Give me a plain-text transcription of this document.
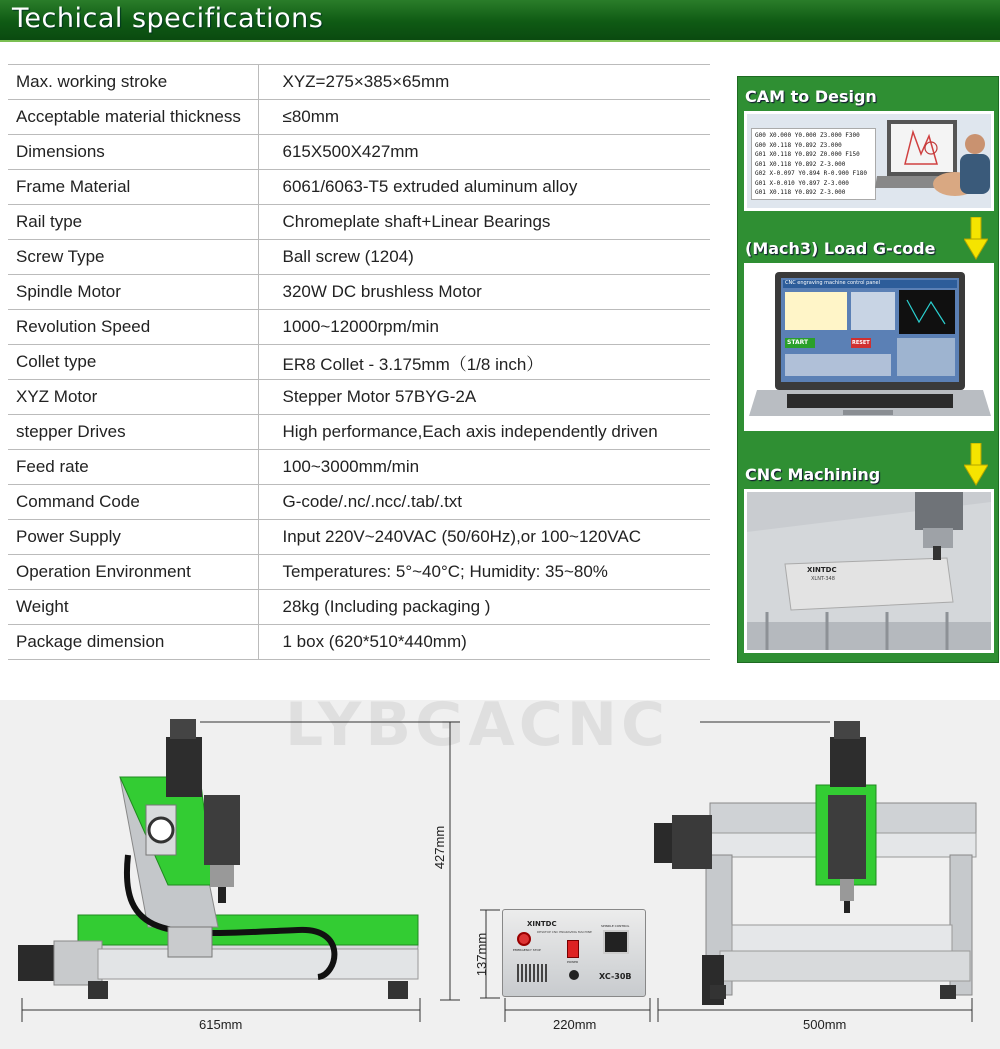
Techical specifications
Max. working stroke	XYZ=275×385×65mm
Acceptable material thickness	≤80mm
Dimensions	615X500X427mm
Frame Material	6061/6063-T5 extruded aluminum alloy
Rail type	Chromeplate shaft+Linear Bearings
Screw Type	Ball screw (1204)
Spindle Motor	320W DC brushless Motor
Revolution Speed	1000~12000rpm/min
Collet type	ER8 Collet - 3.175mm（1/8 inch）
XYZ Motor	Stepper Motor 57BYG-2A
stepper Drives	High performance,Each axis independently driven
Feed rate	100~3000mm/min
Command Code	G-code/.nc/.ncc/.tab/.txt
Power Supply	Input 220V~240VAC (50/60Hz),or 100~120VAC
Operation Environment	Temperatures: 5°~40°C; Humidity: 35~80%
Weight	28kg (Including packaging )
Package dimension	1 box (620*510*440mm)
CAM to Design
G00 X0.000 Y0.000 Z3.000 F300
G00 X0.118 Y0.892 Z3.000
G01 X0.118 Y0.892 Z0.000 F150
G01 X0.118 Y0.892 Z-3.000
G02 X-0.097 Y0.894 R-0.900 F180
G01 X-0.010 Y0.897 Z-3.000
G01 X0.118 Y0.892 Z-3.000
(Mach3) Load G-code
CNC engraving machine control panel
START	RESET
CNC Machining
XINTDC
XLNT-348
LYBGACNC
XINTDC
DESKTOP CNC ENGRAVING MACHINE
EMERGENCY STOP
POWER
SPINDLE CONTROL
XC-30B
615mm
427mm
137mm
220mm	500mm
